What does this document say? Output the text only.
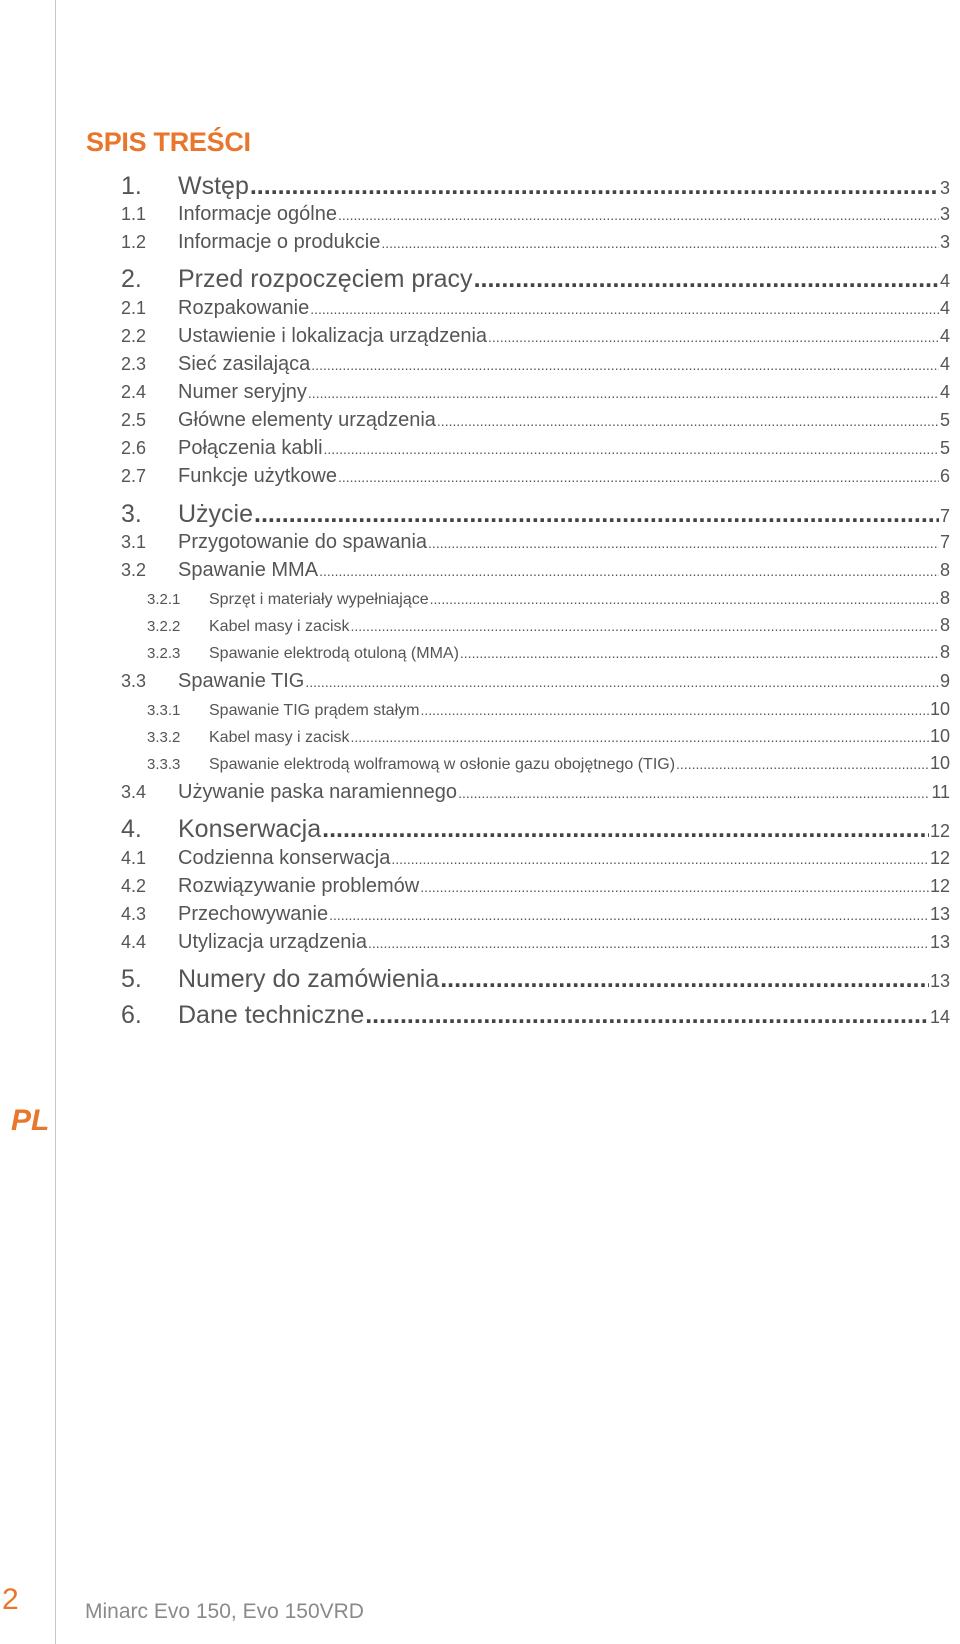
SPIS TREŚCI
1.	Wstęp .....	3
1.1	Informacje ogólne .....	3
1.2	Informacje o produkcie .....	3
2.	Przed rozpoczęciem pracy .....	4
2.1	Rozpakowanie .....	4
2.2	Ustawienie i lokalizacja urządzenia .....	4
2.3	Sieć zasilająca .....	4
2.4	Numer seryjny .....	4
2.5	Główne elementy urządzenia .....	5
2.6	Połączenia kabli .....	5
2.7	Funkcje użytkowe .....	6
3.	Użycie .....	7
3.1	Przygotowanie do spawania .....	7
3.2	Spawanie MMA .....	8
3.2.1	Sprzęt i materiały wypełniające .....	8
3.2.2	Kabel masy i zacisk .....	8
3.2.3	Spawanie elektrodą otuloną (MMA) .....	8
3.3	Spawanie TIG .....	9
3.3.1	Spawanie TIG prądem stałym .....	10
3.3.2	Kabel masy i zacisk .....	10
3.3.3	Spawanie elektrodą wolframową w osłonie gazu obojętnego (TIG) .....	10
3.4	Używanie paska naramiennego .....	11
4.	Konserwacja .....	12
4.1	Codzienna konserwacja .....	12
4.2	Rozwiązywanie problemów .....	12
4.3	Przechowywanie .....	13
4.4	Utylizacja urządzenia .....	13
5.	Numery do zamówienia .....	13
6.	Dane techniczne .....	14
PL
2	Minarc Evo 150, Evo 150VRD
